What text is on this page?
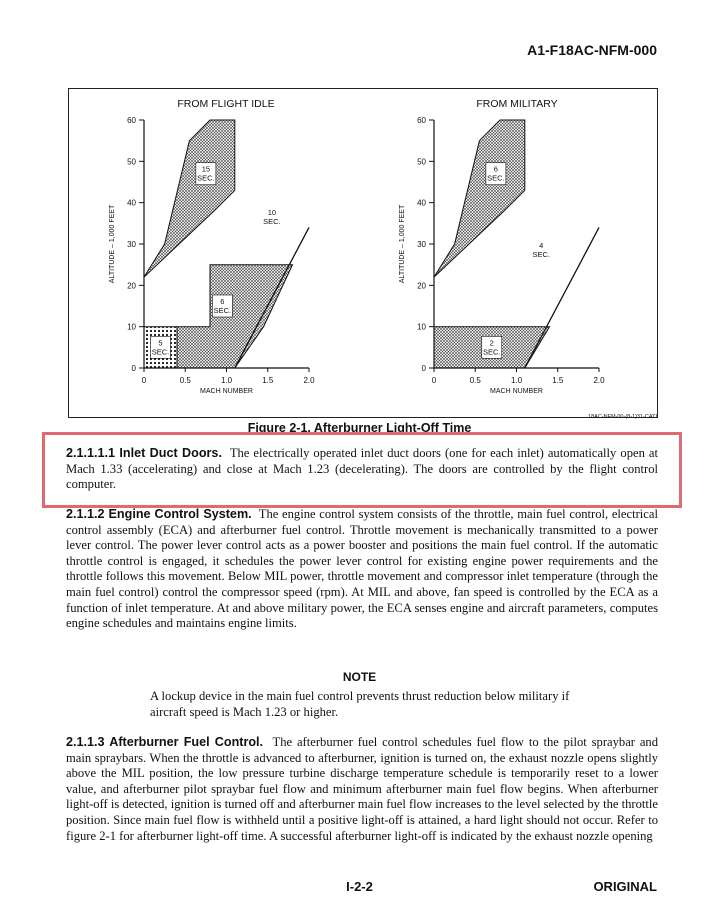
A1-F18AC-NFM-000
FROM FLIGHT IDLE
15
SEC.
6
SEC.
5
SEC.
10
SEC.
0
10
20
30
40
50
60
0	0.5	1.0	1.5	2.0
MACH NUMBER
ALTITUDE – 1,000 FEET
FROM MILITARY
6
SEC.
2
SEC.
4
SEC.
0
10
20
30
40
50
60
0	0.5	1.0	1.5	2.0
MACH NUMBER
ALTITUDE – 1,000 FEET
18AC-NFM-00-(8-1)31-CATI
Figure 2-1. Afterburner Light-Off Time

2.1.1.1.1 Inlet Duct Doors. The electrically operated inlet duct doors (one for each inlet) automatically open at Mach 1.33 (accelerating) and close at Mach 1.23 (decelerating). The doors are controlled by the flight control computer.

2.1.1.2 Engine Control System. The engine control system consists of the throttle, main fuel control, electrical control assembly (ECA) and afterburner fuel control. Throttle movement is mechanically transmitted to a power lever control. The power lever control acts as a power booster and positions the main fuel control. If the automatic throttle control is engaged, it schedules the power lever control for existing engine power requirements and the throttle follows this movement. Below MIL power, throttle movement and compressor inlet temperature (through the main fuel control) control the compressor speed (rpm). At MIL and above, fan speed is controlled by the ECA as a function of inlet temperature. At and above military power, the ECA senses engine and aircraft parameters, computes engine schedules and maintains engine limits.

NOTE

A lockup device in the main fuel control prevents thrust reduction below military if aircraft speed is Mach 1.23 or higher.

2.1.1.3 Afterburner Fuel Control. The afterburner fuel control schedules fuel flow to the pilot spraybar and main spraybars. When the throttle is advanced to afterburner, ignition is turned on, the exhaust nozzle opens slightly above the MIL position, the low pressure turbine discharge temperature schedule is temporarily reset to a lower value, and afterburner pilot spraybar fuel flow and minimum afterburner main fuel flow begins. When afterburner light-off is detected, ignition is turned off and afterburner main fuel flow increases to the level selected by the throttle position. Since main fuel flow is withheld until a positive light-off is attained, a hard light should not occur. Refer to figure 2-1 for afterburner light-off time. A successful afterburner light-off is indicated by the exhaust nozzle opening

I-2-2	ORIGINAL
